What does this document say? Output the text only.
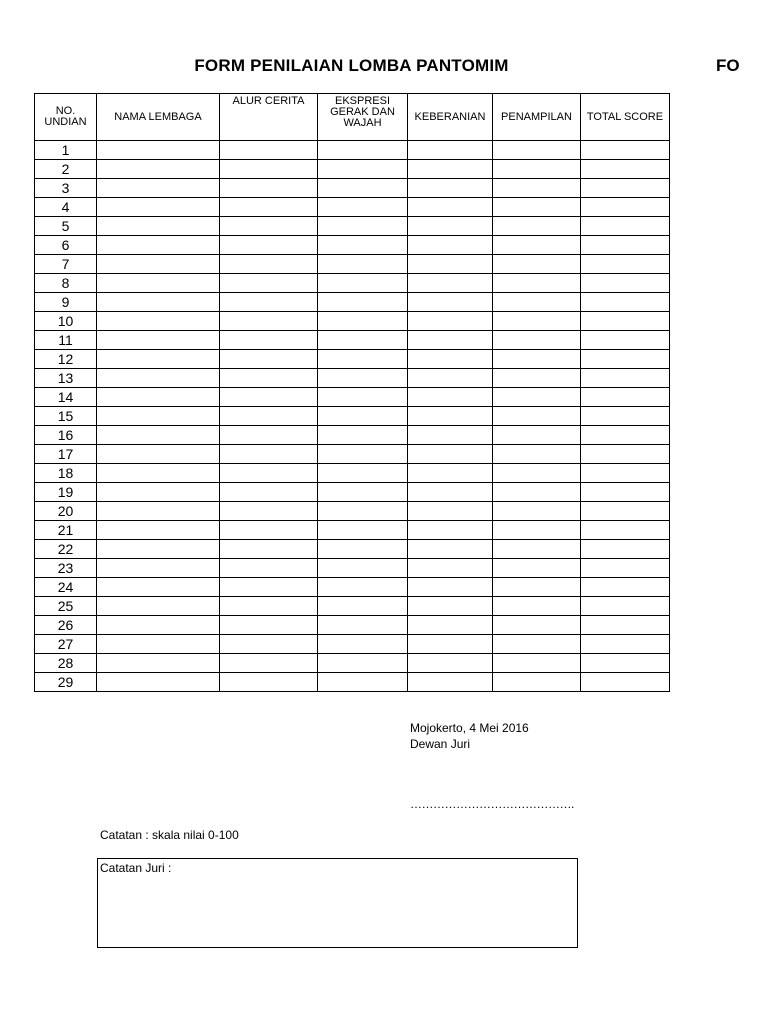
FORM PENILAIAN LOMBA PANTOMIM	FO
NO. UNDIAN	NAMA LEMBAGA	ALUR CERITA	EKSPRESI GERAK DAN WAJAH	KEBERANIAN	PENAMPILAN	TOTAL SCORE
1						
2						
3						
4						
5						
6						
7						
8						
9						
10						
11						
12						
13						
14						
15						
16						
17						
18						
19						
20						
21						
22						
23						
24						
25						
26						
27						
28						
29						
Mojokerto, 4 Mei 2016
Dewan Juri
…………………………………….
Catatan : skala nilai 0-100
Catatan Juri :
